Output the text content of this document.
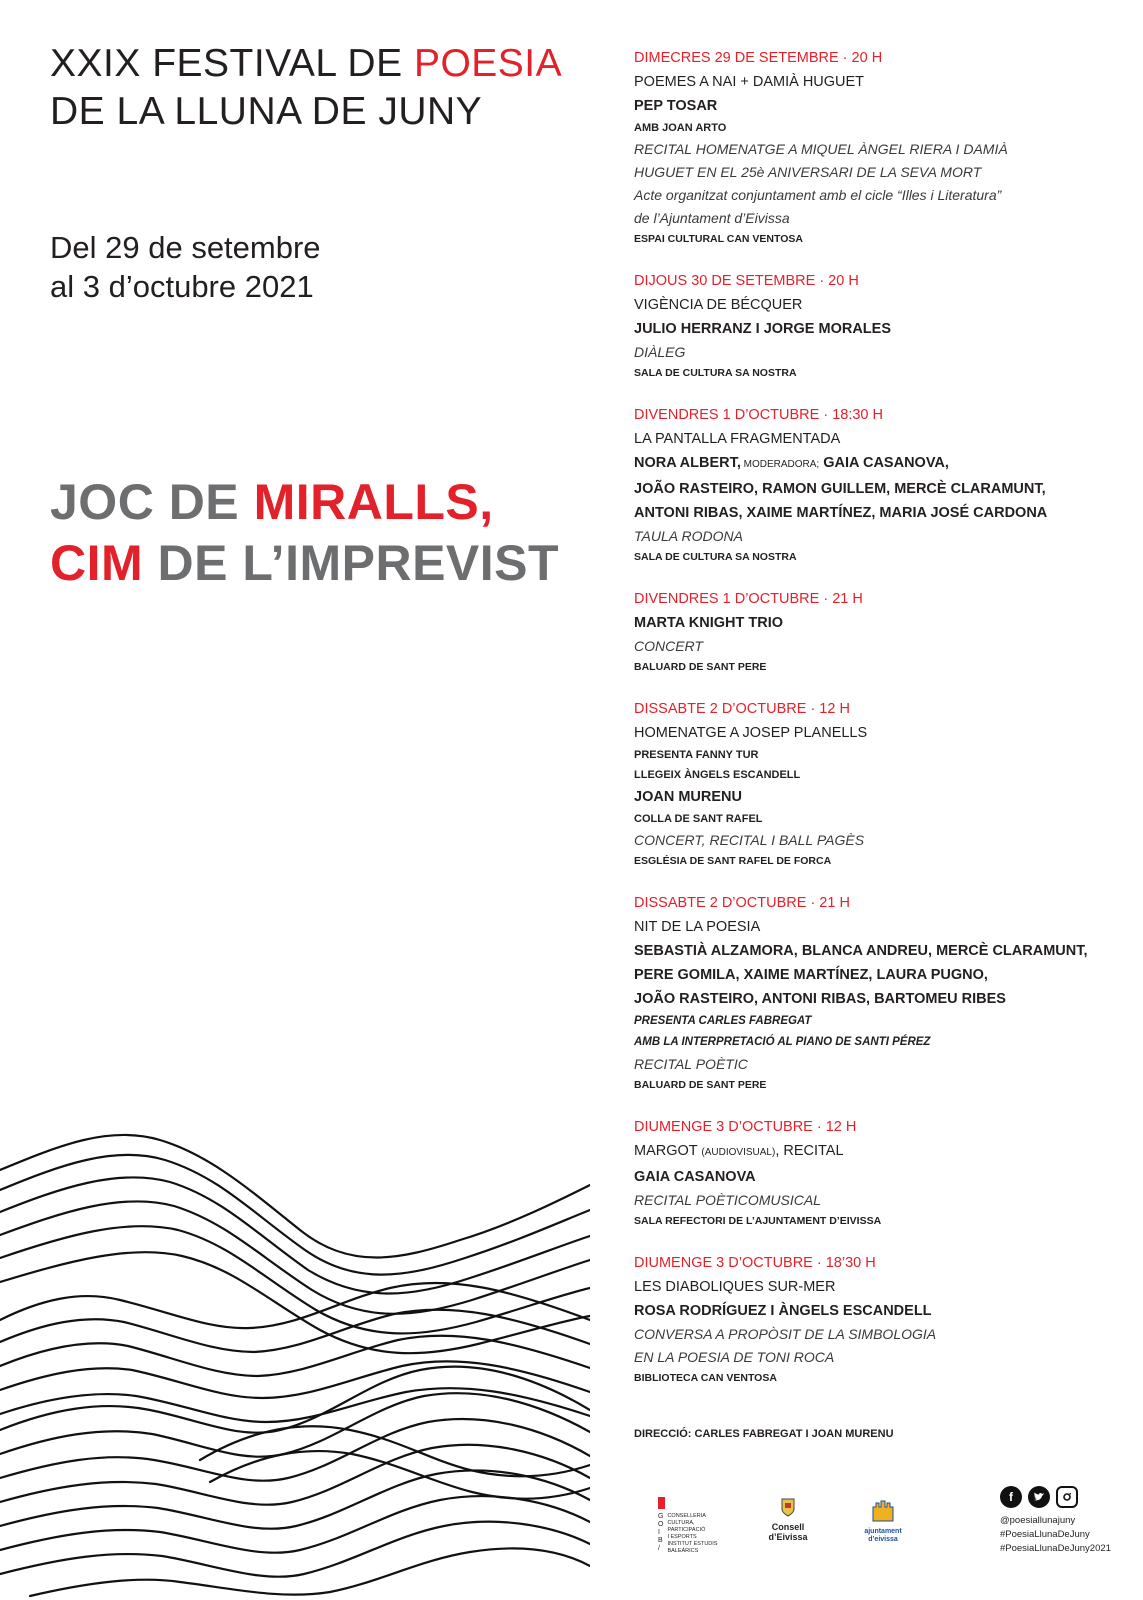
XXIX FESTIVAL DE POESIA
DE LA LLUNA DE JUNY
Del 29 de setembre
al 3 d’octubre 2021
JOC DE MIRALLS,
CIM DE L’IMPREVIST
DIMECRES 29 DE SETEMBRE · 20 H
POEMES A NAI + DAMIÀ HUGUET
PEP TOSAR
AMB JOAN ARTO
RECITAL HOMENATGE A MIQUEL ÀNGEL RIERA I DAMIÀ
HUGUET EN EL 25è ANIVERSARI DE LA SEVA MORT
Acte organitzat conjuntament amb el cicle “Illes i Literatura”
de l’Ajuntament d’Eivissa
ESPAI CULTURAL CAN VENTOSA
DIJOUS 30 DE SETEMBRE · 20 H
VIGÈNCIA DE BÉCQUER
JULIO HERRANZ I JORGE MORALES
DIÀLEG
SALA DE CULTURA SA NOSTRA
DIVENDRES 1 D’OCTUBRE · 18:30 H
LA PANTALLA FRAGMENTADA
NORA ALBERT, MODERADORA; GAIA CASANOVA,
JOÃO RASTEIRO, RAMON GUILLEM, MERCÈ CLARAMUNT,
ANTONI RIBAS, XAIME MARTÍNEZ, MARIA JOSÉ CARDONA
TAULA RODONA
SALA DE CULTURA SA NOSTRA
DIVENDRES 1 D’OCTUBRE · 21 H
MARTA KNIGHT TRIO
CONCERT
BALUARD DE SANT PERE
DISSABTE 2 D’OCTUBRE · 12 H
HOMENATGE A JOSEP PLANELLS
PRESENTA FANNY TUR
LLEGEIX ÀNGELS ESCANDELL
JOAN MURENU
COLLA DE SANT RAFEL
CONCERT, RECITAL I BALL PAGÈS
ESGLÉSIA DE SANT RAFEL DE FORCA
DISSABTE 2 D’OCTUBRE · 21 H
NIT DE LA POESIA
SEBASTIÀ ALZAMORA, BLANCA ANDREU, MERCÈ CLARAMUNT,
PERE GOMILA, XAIME MARTÍNEZ, LAURA PUGNO,
JOÃO RASTEIRO, ANTONI RIBAS, BARTOMEU RIBES
PRESENTA CARLES FABREGAT
AMB LA INTERPRETACIÓ AL PIANO DE SANTI PÉREZ
RECITAL POÈTIC
BALUARD DE SANT PERE
DIUMENGE 3 D’OCTUBRE · 12 H
MARGOT (AUDIOVISUAL), RECITAL
GAIA CASANOVA
RECITAL POÈTICOMUSICAL
SALA REFECTORI DE L’AJUNTAMENT D’EIVISSA
DIUMENGE 3 D’OCTUBRE · 18’30 H
LES DIABOLIQUES SUR-MER
ROSA RODRÍGUEZ I ÀNGELS ESCANDELL
CONVERSA A PROPÒSIT DE LA SIMBOLOGIA
EN LA POESIA DE TONI ROCA
BIBLIOTECA CAN VENTOSA
DIRECCIÓ: CARLES FABREGAT I JOAN MURENU
G
O
I
B
/
CONSELLERIA
CULTURA,
PARTICIPACIÓ
I ESPORTS
INSTITUT ESTUDIS
BALEÀRICS
Consell
d’Eivissa
ajuntament
d’eivissa
f
@poesiallunajuny
#PoesiaLlunaDeJuny
#PoesiaLlunaDeJuny2021
